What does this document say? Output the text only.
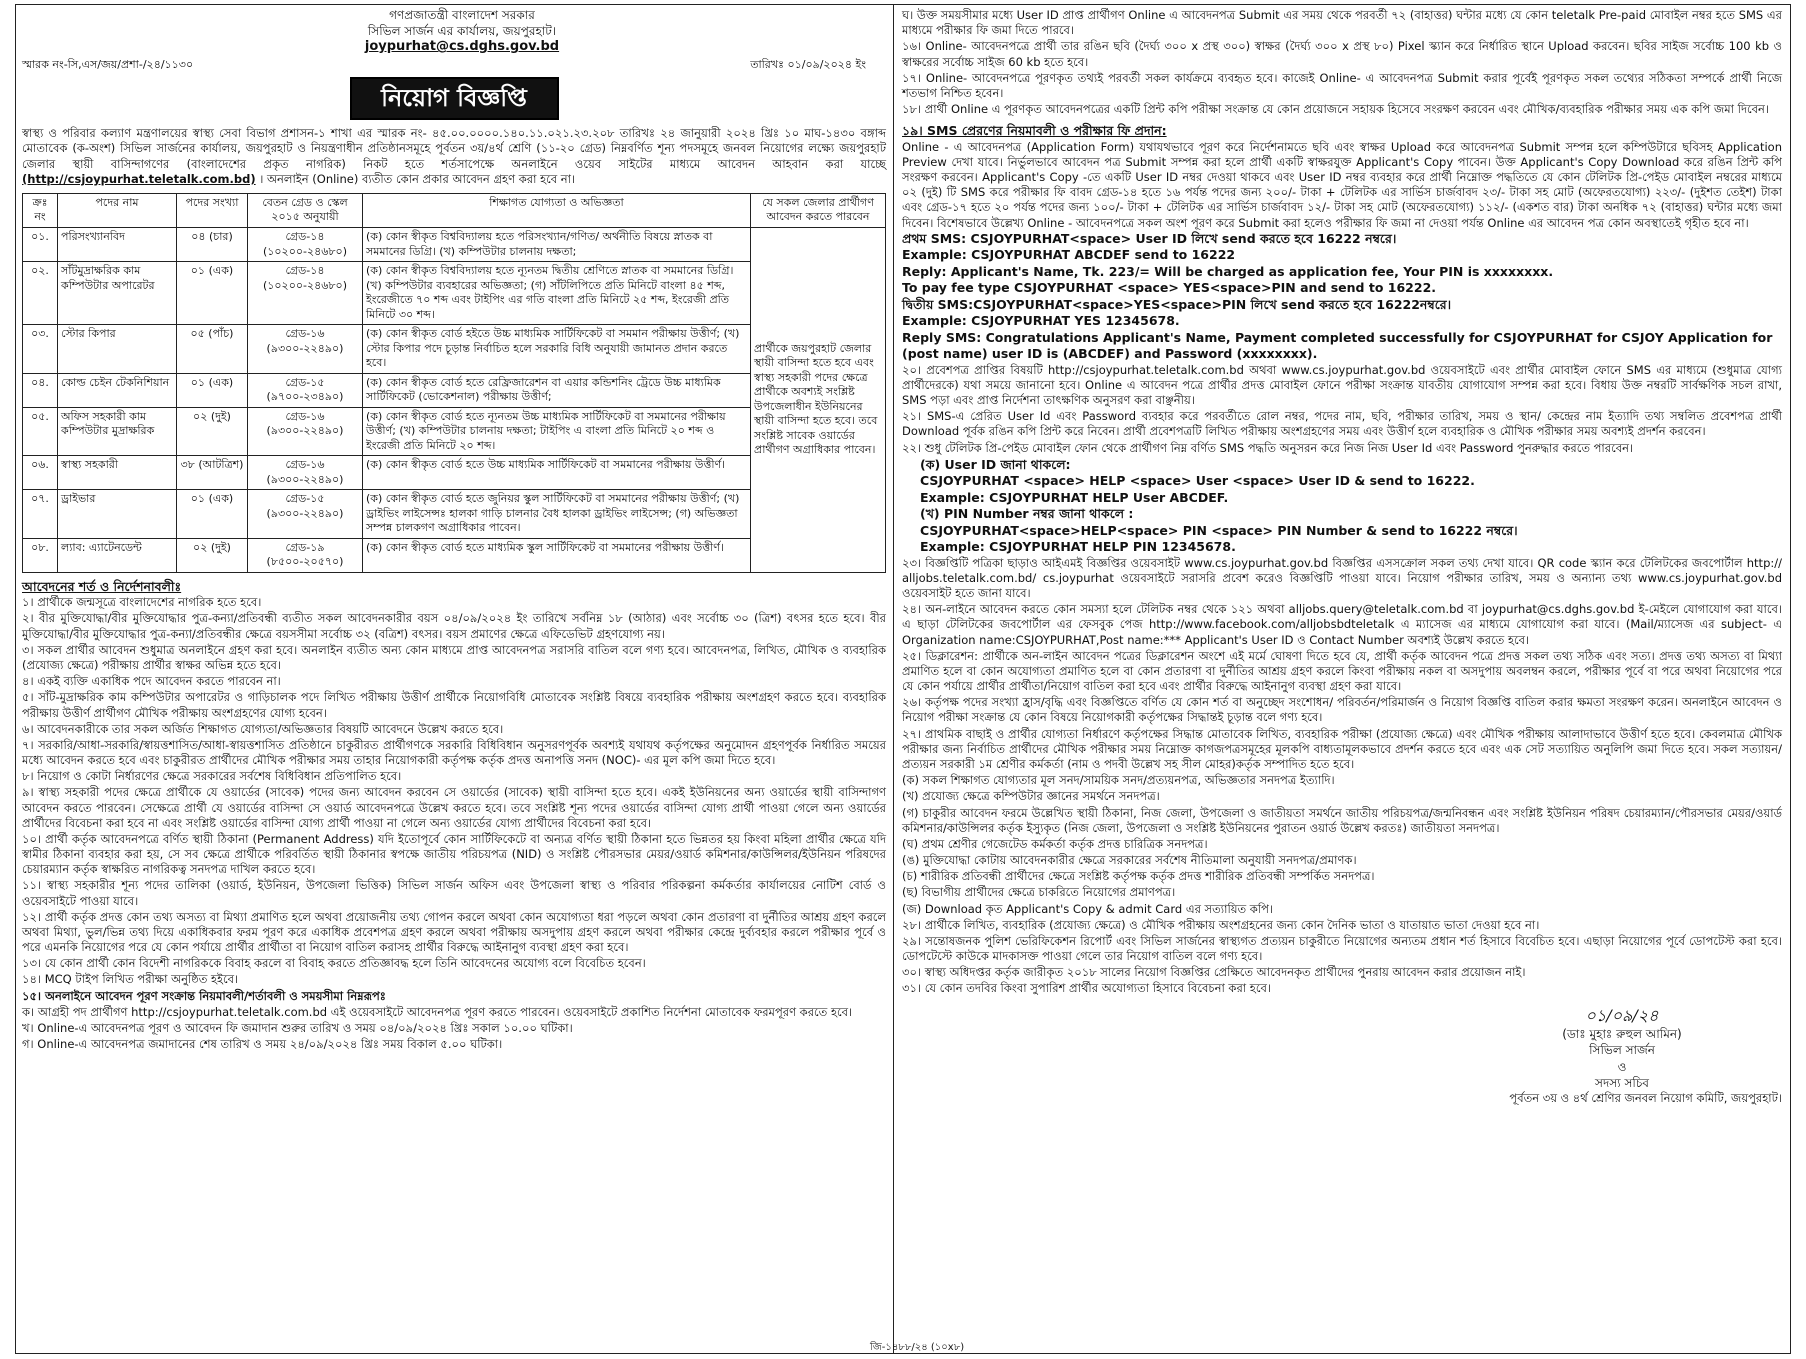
গণপ্রজাতন্ত্রী বাংলাদেশ সরকার
সিভিল সার্জন এর কার্যালয়, জয়পুরহাট।
joypurhat@cs.dghs.gov.bd
স্মারক নং-সি,এস/জয়/প্রশা-/২৪/১১৩০	তারিখঃ ০১/০৯/২০২৪ ইং
নিয়োগ বিজ্ঞপ্তি
স্বাস্থ্য ও পরিবার কল্যাণ মন্ত্রণালয়ের স্বাস্থ্য সেবা বিভাগ প্রশাসন-১ শাখা এর স্মারক নং- ৪৫.০০.০০০০.১৪০.১১.০২১.২৩.২০৮ তারিখঃ ২৪ জানুয়ারী ২০২৪ খ্রিঃ ১০ মাঘ-১৪৩০ বঙ্গাব্দ মোতাবেক (ক-অংশ) সিভিল সার্জনের কার্যালয়, জয়পুরহাট ও নিয়ন্ত্রণাধীন প্রতিষ্ঠানসমূহে পূর্বতন ৩য়/৪র্থ শ্রেণি (১১-২০ গ্রেড) নিম্নবর্ণিত শূন্য পদসমূহে জনবল নিয়োগের লক্ষ্যে জয়পুরহাট জেলার স্থায়ী বাসিন্দাগণের (বাংলাদেশের প্রকৃত নাগরিক) নিকট হতে শর্তসাপেক্ষে অনলাইনে ওয়েব সাইটের মাধ্যমে আবেদন আহবান করা যাচ্ছে (http://csjoypurhat.teletalk.com.bd) । অনলাইন (Online) ব্যতীত কোন প্রকার আবেদন গ্রহণ করা হবে না।
ক্রঃ নং	পদের নাম	পদের সংখ্যা	বেতন গ্রেড ও স্কেল ২০১৫ অনুযায়ী	শিক্ষাগত যোগ্যতা ও অভিজ্ঞতা	যে সকল জেলার প্রার্থীগণ আবেদন করতে পারবেন
০১.	পরিসংখ্যানবিদ	০৪ (চার)	গ্রেড-১৪ (১০২০০-২৪৬৮০)	(ক) কোন স্বীকৃত বিশ্ববিদ্যালয় হতে পরিসংখ্যান/গণিত/ অর্থনীতি বিষয়ে স্নাতক বা সমমানের ডিগ্রি। (খ) কম্পিউটার চালনায় দক্ষতা;	প্রার্থীকে জয়পুরহাট জেলার স্থায়ী বাসিন্দা হতে হবে এবং স্বাস্থ্য সহকারী পদের ক্ষেত্রে প্রার্থীকে অবশ্যই সংশ্লিষ্ট উপজেলাধীন ইউনিয়নের স্থায়ী বাসিন্দা হতে হবে। তবে সংশ্লিষ্ট সাবেক ওয়ার্ডের প্রার্থীগণ অগ্রাধিকার পাবেন।
০২.	সাঁটমুদ্রাক্ষরিক কাম কম্পিউটার অপারেটর	০১ (এক)	গ্রেড-১৪ (১০২০০-২৪৬৮০)	(ক) কোন স্বীকৃত বিশ্ববিদ্যালয় হতে ন্যূনতম দ্বিতীয় শ্রেণিতে স্নাতক বা সমমানের ডিগ্রি। (খ) কম্পিউটার ব্যবহারের অভিজ্ঞতা; (গ) সাঁটলিপিতে প্রতি মিনিটে বাংলা ৪৫ শব্দ, ইংরেজীতে ৭০ শব্দ এবং টাইপিং এর গতি বাংলা প্রতি মিনিটে ২৫ শব্দ, ইংরেজী প্রতি মিনিটে ৩০ শব্দ।	
০৩.	স্টোর কিপার	০৫ (পাঁচ)	গ্রেড-১৬ (৯৩০০-২২৪৯০)	(ক) কোন স্বীকৃত বোর্ড হইতে উচ্চ মাধ্যমিক সার্টিফিকেট বা সমমান পরীক্ষায় উত্তীর্ণ; (খ) স্টোর কিপার পদে চূড়ান্ত নির্বাচিত হলে সরকারি বিধি অনুযায়ী জামানত প্রদান করতে হবে।	
০৪.	কোল্ড চেইন টেকনিশিয়ান	০১ (এক)	গ্রেড-১৫ (৯৭০০-২৩৪৯০)	(ক) কোন স্বীকৃত বোর্ড হতে রেফ্রিজারেশন বা এয়ার কন্ডিশনিং ট্রেডে উচ্চ মাধ্যমিক সার্টিফিকেট (ভোকেশনাল) পরীক্ষায় উত্তীর্ণ;	
০৫.	অফিস সহকারী কাম কম্পিউটার মুদ্রাক্ষরিক	০২ (দুই)	গ্রেড-১৬ (৯৩০০-২২৪৯০)	(ক) কোন স্বীকৃত বোর্ড হতে ন্যূনতম উচ্চ মাধ্যমিক সার্টিফিকেট বা সমমানের পরীক্ষায় উত্তীর্ণ; (খ) কম্পিউটার চালনায় দক্ষতা; টাইপিং এ বাংলা প্রতি মিনিটে ২০ শব্দ ও ইংরেজী প্রতি মিনিটে ২০ শব্দ।	
০৬.	স্বাস্থ্য সহকারী	৩৮ (আটত্রিশ)	গ্রেড-১৬ (৯৩০০-২২৪৯০)	(ক) কোন স্বীকৃত বোর্ড হতে উচ্চ মাধ্যমিক সার্টিফিকেট বা সমমানের পরীক্ষায় উত্তীর্ণ।	
০৭.	ড্রাইভার	০১ (এক)	গ্রেড-১৫ (৯৩০০-২২৪৯০)	(ক) কোন স্বীকৃত বোর্ড হতে জুনিয়র স্কুল সার্টিফিকেট বা সমমানের পরীক্ষায় উত্তীর্ণ; (খ) ড্রাইভিং লাইসেন্সঃ হালকা গাড়ি চালনার বৈধ হালকা ড্রাইভিং লাইসেন্স; (গ) অভিজ্ঞতা সম্পন্ন চালকগণ অগ্রাধিকার পাবেন।	
০৮.	ল্যাব: এ্যাটেনডেন্ট	০২ (দুই)	গ্রেড-১৯ (৮৫০০-২০৫৭০)	(ক) কোন স্বীকৃত বোর্ড হতে মাধ্যমিক স্কুল সার্টিফিকেট বা সমমানের পরীক্ষায় উত্তীর্ণ।	
আবেদনের শর্ত ও নির্দেশনাবলীঃ
১। প্রার্থীকে জন্মসূত্রে বাংলাদেশের নাগরিক হতে হবে।
২। বীর মুক্তিযোদ্ধা/বীর মুক্তিযোদ্ধার পুত্র-কন্যা/প্রতিবন্ধী ব্যতীত সকল আবেদনকারীর বয়স ০৪/০৯/২০২৪ ইং তারিখে সর্বনিম্ন ১৮ (আঠার) এবং সর্বোচ্চ ৩০ (ত্রিশ) বৎসর হতে হবে। বীর মুক্তিযোদ্ধা/বীর মুক্তিযোদ্ধার পুত্র-কন্যা/প্রতিবন্ধীর ক্ষেত্রে বয়সসীমা সর্বোচ্চ ৩২ (বত্রিশ) বৎসর। বয়স প্রমাণের ক্ষেত্রে এফিডেভিট গ্রহণযোগ্য নয়।
৩। সকল প্রার্থীর আবেদন শুধুমাত্র অনলাইনে গ্রহণ করা হবে। অনলাইন ব্যতীত অন্য কোন মাধ্যমে প্রাপ্ত আবেদনপত্র সরাসরি বাতিল বলে গণ্য হবে। আবেদনপত্র, লিখিত, মৌখিক ও ব্যবহারিক (প্রযোজ্য ক্ষেত্রে) পরীক্ষায় প্রার্থীর স্বাক্ষর অভিন্ন হতে হবে।
৪। একই ব্যক্তি একাধিক পদে আবেদন করতে পারবেন না।
৫। সাঁট-মুদ্রাক্ষরিক কাম কম্পিউটার অপারেটর ও গাড়িচালক পদে লিখিত পরীক্ষায় উত্তীর্ণ প্রার্থীকে নিয়োগবিধি মোতাবেক সংশ্লিষ্ট বিষয়ে ব্যবহারিক পরীক্ষায় অংশগ্রহণ করতে হবে। ব্যবহারিক পরীক্ষায় উত্তীর্ণ প্রার্থীগণ মৌখিক পরীক্ষায় অংশগ্রহণের যোগ্য হবেন।
৬। আবেদনকারীকে তার সকল অর্জিত শিক্ষাগত যোগ্যতা/অভিজ্ঞতার বিষয়টি আবেদনে উল্লেখ করতে হবে।
৭। সরকারি/আধা-সরকারি/স্বায়ত্তশাসিত/আধা-স্বায়ত্তশাসিত প্রতিষ্ঠানে চাকুরীরত প্রার্থীগণকে সরকারি বিধিবিধান অনুসরণপূর্বক অবশ্যই যথাযথ কর্তৃপক্ষের অনুমোদন গ্রহণপূর্বক নির্ধারিত সময়ের মধ্যে আবেদন করতে হবে এবং চাকুরীরত প্রার্থীদের মৌখিক পরীক্ষার সময় তাহার নিয়োগকারী কর্তৃপক্ষ কর্তৃক প্রদত্ত অনাপত্তি সনদ (NOC)- এর মূল কপি জমা দিতে হবে।
৮। নিয়োগ ও কোটা নির্ধারণের ক্ষেত্রে সরকারের সর্বশেষ বিধিবিধান প্রতিপালিত হবে।
৯। স্বাস্থ্য সহকারী পদের ক্ষেত্রে প্রার্থীকে যে ওয়ার্ডের (সাবেক) পদের জন্য আবেদন করবেন সে ওয়ার্ডের (সাবেক) স্থায়ী বাসিন্দা হতে হবে। একই ইউনিয়নের অন্য ওয়ার্ডের স্থায়ী বাসিন্দাগণ আবেদন করতে পারবেন। সেক্ষেত্রে প্রার্থী যে ওয়ার্ডের বাসিন্দা সে ওয়ার্ড আবেদনপত্রে উল্লেখ করতে হবে। তবে সংশ্লিষ্ট শূন্য পদের ওয়ার্ডের বাসিন্দা যোগ্য প্রার্থী পাওয়া গেলে অন্য ওয়ার্ডের প্রার্থীদের বিবেচনা করা হবে না এবং সংশ্লিষ্ট ওয়ার্ডের বাসিন্দা যোগ্য প্রার্থী পাওয়া না গেলে অন্য ওয়ার্ডের যোগ্য প্রার্থীদের বিবেচনা করা হবে।
১০। প্রার্থী কর্তৃক আবেদনপত্রে বর্ণিত স্থায়ী ঠিকানা (Permanent Address) যদি ইতোপূর্বে কোন সার্টিফিকেটে বা অন্যত্র বর্ণিত স্থায়ী ঠিকানা হতে ভিন্নতর হয় কিংবা মহিলা প্রার্থীর ক্ষেত্রে যদি স্বামীর ঠিকানা ব্যবহার করা হয়, সে সব ক্ষেত্রে প্রার্থীকে পরিবর্তিত স্থায়ী ঠিকানার স্বপক্ষে জাতীয় পরিচয়পত্র (NID) ও সংশ্লিষ্ট পৌরসভার মেয়র/ওয়ার্ড কমিশনার/কাউন্সিলর/ইউনিয়ন পরিষদের চেয়ারম্যান কর্তৃক স্বাক্ষরিত নাগরিকত্ব সনদপত্র দাখিল করতে হবে।
১১। স্বাস্থ্য সহকারীর শূন্য পদের তালিকা (ওয়ার্ড, ইউনিয়ন, উপজেলা ভিত্তিক) সিভিল সার্জন অফিস এবং উপজেলা স্বাস্থ্য ও পরিবার পরিকল্পনা কর্মকর্তার কার্যালয়ের নোটিশ বোর্ড ও ওয়েবসাইটে পাওয়া যাবে।
১২। প্রার্থী কর্তৃক প্রদত্ত কোন তথ্য অসত্য বা মিথ্যা প্রমাণিত হলে অথবা প্রয়োজনীয় তথ্য গোপন করলে অথবা কোন অযোগ্যতা ধরা পড়লে অথবা কোন প্রতারণা বা দুর্নীতির আশ্রয় গ্রহণ করলে অথবা মিথ্যা, ভুল/ভিন্ন তথ্য দিয়ে একাধিকবার ফরম পূরণ করে একাধিক প্রবেশপত্র গ্রহণ করলে অথবা পরীক্ষায় অসদুপায় গ্রহণ করলে অথবা পরীক্ষার কেন্দ্রে দুর্ব্যবহার করলে পরীক্ষার পূর্বে ও পরে এমনকি নিয়োগের পরে যে কোন পর্যায়ে প্রার্থীর প্রার্থীতা বা নিয়োগ বাতিল করাসহ প্রার্থীর বিরুদ্ধে আইনানুগ ব্যবস্থা গ্রহণ করা হবে।
১৩। যে কোন প্রার্থী কোন বিদেশী নাগরিককে বিবাহ করলে বা বিবাহ করতে প্রতিজ্ঞাবদ্ধ হলে তিনি আবেদনের অযোগ্য বলে বিবেচিত হবেন।
১৪। MCQ টাইপ লিখিত পরীক্ষা অনুষ্ঠিত হইবে।
১৫। অনলাইনে আবেদন পূরণ সংক্রান্ত নিয়মাবলী/শর্তাবলী ও সময়সীমা নিম্নরূপঃ
ক। আগ্রহী পদ প্রার্থীগণ http://csjoypurhat.teletalk.com.bd এই ওয়েবসাইটে আবেদনপত্র পূরণ করতে পারবেন। ওয়েবসাইটে প্রকাশিত নির্দেশনা মোতাবেক ফরমপূরণ করতে হবে।
খ। Online-এ আবেদনপত্র পূরণ ও আবেদন ফি জমাদান শুরুর তারিখ ও সময় ০৪/০৯/২০২৪ খ্রিঃ সকাল ১০.০০ ঘটিকা।
গ। Online-এ আবেদনপত্র জমাদানের শেষ তারিখ ও সময় ২৪/০৯/২০২৪ খ্রিঃ সময় বিকাল ৫.০০ ঘটিকা।
ঘ। উক্ত সময়সীমার মধ্যে User ID প্রাপ্ত প্রার্থীগণ Online এ আবেদনপত্র Submit এর সময় থেকে পরবর্তী ৭২ (বাহাত্তর) ঘন্টার মধ্যে যে কোন teletalk Pre-paid মোবাইল নম্বর হতে SMS এর মাধ্যমে পরীক্ষার ফি জমা দিতে পারবে।
১৬। Online- আবেদনপত্রে প্রার্থী তার রঙিন ছবি (দৈর্ঘ্য ৩০০ x প্রস্থ ৩০০) স্বাক্ষর (দৈর্ঘ্য ৩০০ x প্রস্থ ৮০) Pixel স্ক্যান করে নির্ধারিত স্থানে Upload করবেন। ছবির সাইজ সর্বোচ্চ 100 kb ও স্বাক্ষরের সর্বোচ্চ সাইজ 60 kb হতে হবে।
১৭। Online- আবেদনপত্রে পূরণকৃত তথ্যই পরবর্তী সকল কার্যক্রমে ব্যবহৃত হবে। কাজেই Online- এ আবেদনপত্র Submit করার পূর্বেই পূরণকৃত সকল তথ্যের সঠিকতা সম্পর্কে প্রার্থী নিজে শতভাগ নিশ্চিত হবেন।
১৮। প্রার্থী Online এ পূরণকৃত আবেদনপত্রের একটি প্রিন্ট কপি পরীক্ষা সংক্রান্ত যে কোন প্রয়োজনে সহায়ক হিসেবে সংরক্ষণ করবেন এবং মৌখিক/ব্যবহারিক পরীক্ষার সময় এক কপি জমা দিবেন।
১৯। SMS প্রেরণের নিয়মাবলী ও পরীক্ষার ফি প্রদান:
Online - এ আবেদনপত্র (Application Form) যথাযথভাবে পূরণ করে নির্দেশনামতে ছবি এবং স্বাক্ষর Upload করে আবেদনপত্র Submit সম্পন্ন হলে কম্পিউটারে ছবিসহ Application Preview দেখা যাবে। নির্ভুলভাবে আবেদন পত্র Submit সম্পন্ন করা হলে প্রার্থী একটি স্বাক্ষরযুক্ত Applicant's Copy পাবেন। উক্ত Applicant's Copy Download করে রঙিন প্রিন্ট কপি সংরক্ষণ করবেন। Applicant's Copy -তে একটি User ID নম্বর দেওয়া থাকবে এবং User ID নম্বর ব্যবহার করে প্রার্থী নিম্নোক্ত পদ্ধতিতে যে কোন টেলিটক প্রি-পেইড মোবাইল নম্বরের মাধ্যমে ০২ (দুই) টি SMS করে পরীক্ষার ফি বাবদ গ্রেড-১৪ হতে ১৬ পর্যন্ত পদের জন্য ২০০/- টাকা + টেলিটক এর সার্ভিস চার্জবাবদ ২৩/- টাকা সহ মোট (অফেরতযোগ্য) ২২৩/- (দুইশত তেইশ) টাকা এবং গ্রেড-১৭ হতে ২০ পর্যন্ত পদের জন্য ১০০/- টাকা + টেলিটক এর সার্ভিস চার্জবাবদ ১২/- টাকা সহ মোট (অফেরতযোগ্য) ১১২/- (একশত বার) টাকা অনধিক ৭২ (বাহাত্তর) ঘন্টার মধ্যে জমা দিবেন। বিশেষভাবে উল্লেখ্য Online - আবেদনপত্রে সকল অংশ পূরণ করে Submit করা হলেও পরীক্ষার ফি জমা না দেওয়া পর্যন্ত Online এর আবেদন পত্র কোন অবস্থাতেই গৃহীত হবে না।
প্রথম SMS: CSJOYPURHAT<space> User ID লিখে send করতে হবে 16222 নম্বরে।
Example: CSJOYPURHAT ABCDEF send to 16222
Reply: Applicant's Name, Tk. 223/= Will be charged as application fee, Your PIN is xxxxxxxx.
To pay fee type CSJOYPURHAT <space> YES<space>PIN and send to 16222.
দ্বিতীয় SMS:CSJOYPURHAT<space>YES<space>PIN লিখে send করতে হবে 16222নম্বরে।
Example: CSJOYPURHAT YES 12345678.
Reply SMS: Congratulations Applicant's Name, Payment completed successfully for CSJOYPURHAT for CSJOY Application for (post name) user ID is (ABCDEF) and Password (xxxxxxxx).
২০। প্রবেশপত্র প্রাপ্তির বিষয়টি http://csjoypurhat.teletalk.com.bd অথবা www.cs.joypurhat.gov.bd ওয়েবসাইটে এবং প্রার্থীর মোবাইল ফোনে SMS এর মাধ্যমে (শুধুমাত্র যোগ্য প্রার্থীদেরকে) যথা সময়ে জানানো হবে। Online এ আবেদন পত্রে প্রার্থীর প্রদত্ত মোবাইল ফোনে পরীক্ষা সংক্রান্ত যাবতীয় যোগাযোগ সম্পন্ন করা হবে। বিধায় উক্ত নম্বরটি সার্বক্ষণিক সচল রাখা, SMS পড়া এবং প্রাপ্ত নির্দেশনা তাৎক্ষণিক অনুসরণ করা বাঞ্ছনীয়।
২১। SMS-এ প্রেরিত User Id এবং Password ব্যবহার করে পরবর্তীতে রোল নম্বর, পদের নাম, ছবি, পরীক্ষার তারিখ, সময় ও স্থান/ কেন্দ্রের নাম ইত্যাদি তথ্য সম্বলিত প্রবেশপত্র প্রার্থী Download পূর্বক রঙিন কপি প্রিন্ট করে নিবেন। প্রার্থী প্রবেশপত্রটি লিখিত পরীক্ষায় অংশগ্রহণের সময় এবং উত্তীর্ণ হলে ব্যবহারিক ও মৌখিক পরীক্ষার সময় অবশ্যই প্রদর্শন করবেন।
২২। শুধু টেলিটক প্রি-পেইড মোবাইল ফোন থেকে প্রার্থীগণ নিম্ন বর্ণিত SMS পদ্ধতি অনুসরন করে নিজ নিজ User Id এবং Password পুনরুদ্ধার করতে পারবেন।
(ক) User ID জানা থাকলে:
CSJOYPURHAT <space> HELP <space> User <space> User ID & send to 16222.
Example: CSJOYPURHAT HELP User ABCDEF.
(খ) PIN Number নম্বর জানা থাকলে :
CSJOYPURHAT<space>HELP<space> PIN <space> PIN Number & send to 16222 নম্বরে।
Example: CSJOYPURHAT HELP PIN 12345678.
২৩। বিজ্ঞপ্তিটি পত্রিকা ছাড়াও আইএমই বিজ্ঞপ্তির ওয়েবসাইট www.cs.joypurhat.gov.bd বিজ্ঞপ্তির এসসক্রোল সকল তথ্য দেখা যাবে। QR code স্ক্যান করে টেলিটকের জবপোর্টাল http:// alljobs.teletalk.com.bd/ cs.joypurhat ওয়েবসাইটে সরাসরি প্রবেশ করেও বিজ্ঞপ্তিটি পাওয়া যাবে। নিয়োগ পরীক্ষার তারিখ, সময় ও অন্যান্য তথ্য www.cs.joypurhat.gov.bd ওয়েবসাইট হতে জানা যাবে।
২৪। অন-লাইনে আবেদন করতে কোন সমস্যা হলে টেলিটক নম্বর থেকে ১২১ অথবা alljobs.query@teletalk.com.bd বা joypurhat@cs.dghs.gov.bd ই-মেইলে যোগাযোগ করা যাবে। এ ছাড়া টেলিটকের জবপোর্টাল এর ফেসবুক পেজ http://www.facebook.com/alljobsbdteletalk এ ম্যাসেজ এর মাধ্যমে যোগাযোগ করা যাবে। (Mail/ম্যাসেজ এর subject- এ Organization name:CSJOYPURHAT,Post name:*** Applicant's User ID ও Contact Number অবশ্যই উল্লেখ করতে হবে।
২৫। ডিক্লারেশন: প্রার্থীকে অন-লাইন আবেদন পত্রের ডিক্লারেশন অংশে এই মর্মে ঘোষণা দিতে হবে যে, প্রার্থী কর্তৃক আবেদন পত্রে প্রদত্ত সকল তথ্য সঠিক এবং সত্য। প্রদত্ত তথ্য অসত্য বা মিথ্যা প্রমাণিত হলে বা কোন অযোগ্যতা প্রমাণিত হলে বা কোন প্রতারণা বা দুর্নীতির আশ্রয় গ্রহণ করলে কিংবা পরীক্ষায় নকল বা অসদুপায় অবলম্বন করলে, পরীক্ষার পূর্বে বা পরে অথবা নিয়োগের পরে যে কোন পর্যায়ে প্রার্থীর প্রার্থীতা/নিয়োগ বাতিল করা হবে এবং প্রার্থীর বিরুদ্ধে আইনানুগ ব্যবস্থা গ্রহণ করা যাবে।
২৬। কর্তৃপক্ষ পদের সংখ্যা হ্রাস/বৃদ্ধি এবং বিজ্ঞপ্তিতে বর্ণিত যে কোন শর্ত বা অনুচ্ছেদ সংশোধন/ পরিবর্তন/পরিমার্জন ও নিয়োগ বিজ্ঞপ্তি বাতিল করার ক্ষমতা সংরক্ষণ করেন। অনলাইনে আবেদন ও নিয়োগ পরীক্ষা সংক্রান্ত যে কোন বিষয়ে নিয়োগকারী কর্তৃপক্ষের সিদ্ধান্তই চূড়ান্ত বলে গণ্য হবে।
২৭। প্রাথমিক বাছাই ও প্রার্থীর যোগ্যতা নির্ধারণে কর্তৃপক্ষের সিদ্ধান্ত মোতাবেক লিখিত, ব্যবহারিক পরীক্ষা (প্রযোজ্য ক্ষেত্রে) এবং মৌখিক পরীক্ষায় আলাদাভাবে উত্তীর্ণ হতে হবে। কেবলমাত্র মৌখিক পরীক্ষার জন্য নির্বাচিত প্রার্থীদের মৌখিক পরীক্ষার সময় নিম্নোক্ত কাগজপত্রসমূহের মূলকপি বাধ্যতামূলকভাবে প্রদর্শন করতে হবে এবং এক সেট সত্যায়িত অনুলিপি জমা দিতে হবে। সকল সত্যায়ন/প্রত্যয়ন সরকারী ১ম শ্রেণীর কর্মকর্তা (নাম ও পদবী উল্লেখ সহ সীল মোহর)কর্তৃক সম্পাদিত হতে হবে।
(ক) সকল শিক্ষাগত যোগ্যতার মূল সনদ/সাময়িক সনদ/প্রত্যয়নপত্র, অভিজ্ঞতার সনদপত্র ইত্যাদি।
(খ) প্রযোজ্য ক্ষেত্রে কম্পিউটার জ্ঞানের সমর্থনে সনদপত্র।
(গ) চাকুরীর আবেদন ফরমে উল্লেখিত স্থায়ী ঠিকানা, নিজ জেলা, উপজেলা ও জাতীয়তা সমর্থনে জাতীয় পরিচয়পত্র/জন্মনিবন্ধন এবং সংশ্লিষ্ট ইউনিয়ন পরিষদ চেয়ারম্যান/পৌরসভার মেয়র/ওয়ার্ড কমিশনার/কাউন্সিলর কর্তৃক ইস্যুকৃত (নিজ জেলা, উপজেলা ও সংশ্লিষ্ট ইউনিয়নের পুরাতন ওয়ার্ড উল্লেখ করতঃ) জাতীয়তা সনদপত্র।
(ঘ) প্রথম শ্রেণীর গেজেটেড কর্মকর্তা কর্তৃক প্রদত্ত চারিত্রিক সনদপত্র।
(ঙ) মুক্তিযোদ্ধা কোটায় আবেদনকারীর ক্ষেত্রে সরকারের সর্বশেষ নীতিমালা অনুযায়ী সনদপত্র/প্রমাণক।
(চ) শারীরিক প্রতিবন্ধী প্রার্থীদের ক্ষেত্রে সংশ্লিষ্ট কর্তৃপক্ষ কর্তৃক প্রদত্ত শারীরিক প্রতিবন্ধী সম্পর্কিত সনদপত্র।
(ছ) বিভাগীয় প্রার্থীদের ক্ষেত্রে চাকরিতে নিয়োগের প্রমাণপত্র।
(জ) Download কৃত Applicant's Copy & admit Card এর সত্যায়িত কপি।
২৮। প্রার্থীকে লিখিত, ব্যবহারিক (প্রযোজ্য ক্ষেত্রে) ও মৌখিক পরীক্ষায় অংশগ্রহনের জন্য কোন দৈনিক ভাতা ও যাতায়াত ভাতা দেওয়া হবে না।
২৯। সন্তোষজনক পুলিশ ভেরিফিকেশন রিপোর্ট এবং সিভিল সার্জনের স্বাস্থ্যগত প্রত্যয়ন চাকুরীতে নিয়োগের অন্যতম প্রধান শর্ত হিসাবে বিবেচিত হবে। এছাড়া নিয়োগের পূর্বে ডোপটেস্ট করা হবে। ডোপটেস্টে কাউকে মাদকাসক্ত পাওয়া গেলে তার নিয়োগ বাতিল বলে গণ্য হবে।
৩০। স্বাস্থ্য অধিদপ্তর কর্তৃক জারীকৃত ২০১৮ সালের নিয়োগ বিজ্ঞপ্তির প্রেক্ষিতে আবেদনকৃত প্রার্থীদের পুনরায় আবেদন করার প্রয়োজন নাই।
৩১। যে কোন তদবির কিংবা সুপারিশ প্রার্থীর অযোগ্যতা হিসাবে বিবেচনা করা হবে।
০১/০৯/২৪
(ডাঃ মুহাঃ রুহুল আমিন)
সিভিল সার্জন
ও
সদস্য সচিব
পূর্বতন ৩য় ও ৪র্থ শ্রেণির জনবল নিয়োগ কমিটি, জয়পুরহাট।
জি-১৪৮৮/২৪ (১০x৮)
